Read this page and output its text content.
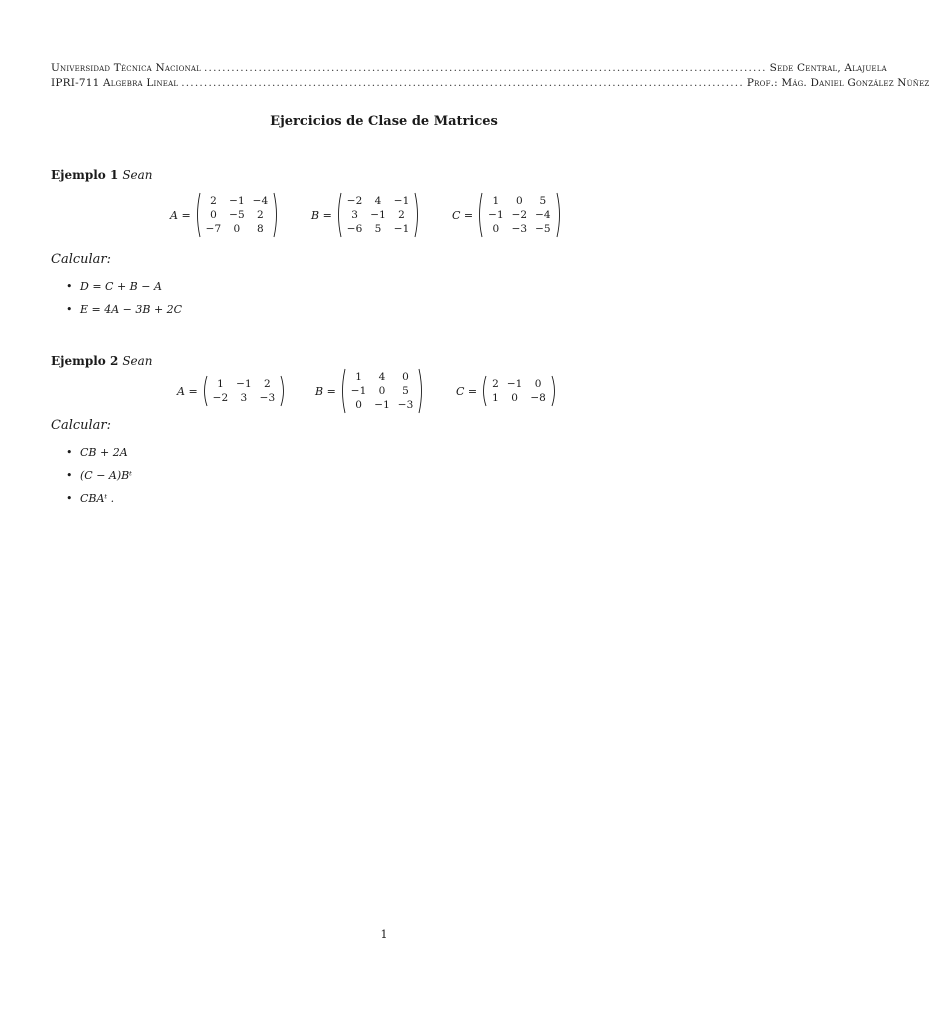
Universidad Técnica Nacional ............................................................................................................................ Sede Central, Alajuela
IPRI-711 Algebra Lineal ............................................................................................................................ Prof.: Mág. Daniel González Núñez
Ejercicios de Clase de Matrices
Ejemplo 1 Sean
A =
2	−1	−4
0	−5	2
−7	0	8
B =
−2	4	−1
3	−1	2
−6	5	−1
C =
1	0	5
−1	−2	−4
0	−3	−5
Calcular:
• D = C + B − A
• E = 4A − 3B + 2C
Ejemplo 2 Sean
A =
1	−1	2
−2	3	−3
B =
1	4	0
−1	0	5
0	−1	−3
C =
2	−1	0
1	0	−8
Calcular:
• CB + 2A
• (C − A)Bᵗ
• CBAᵗ .
1
